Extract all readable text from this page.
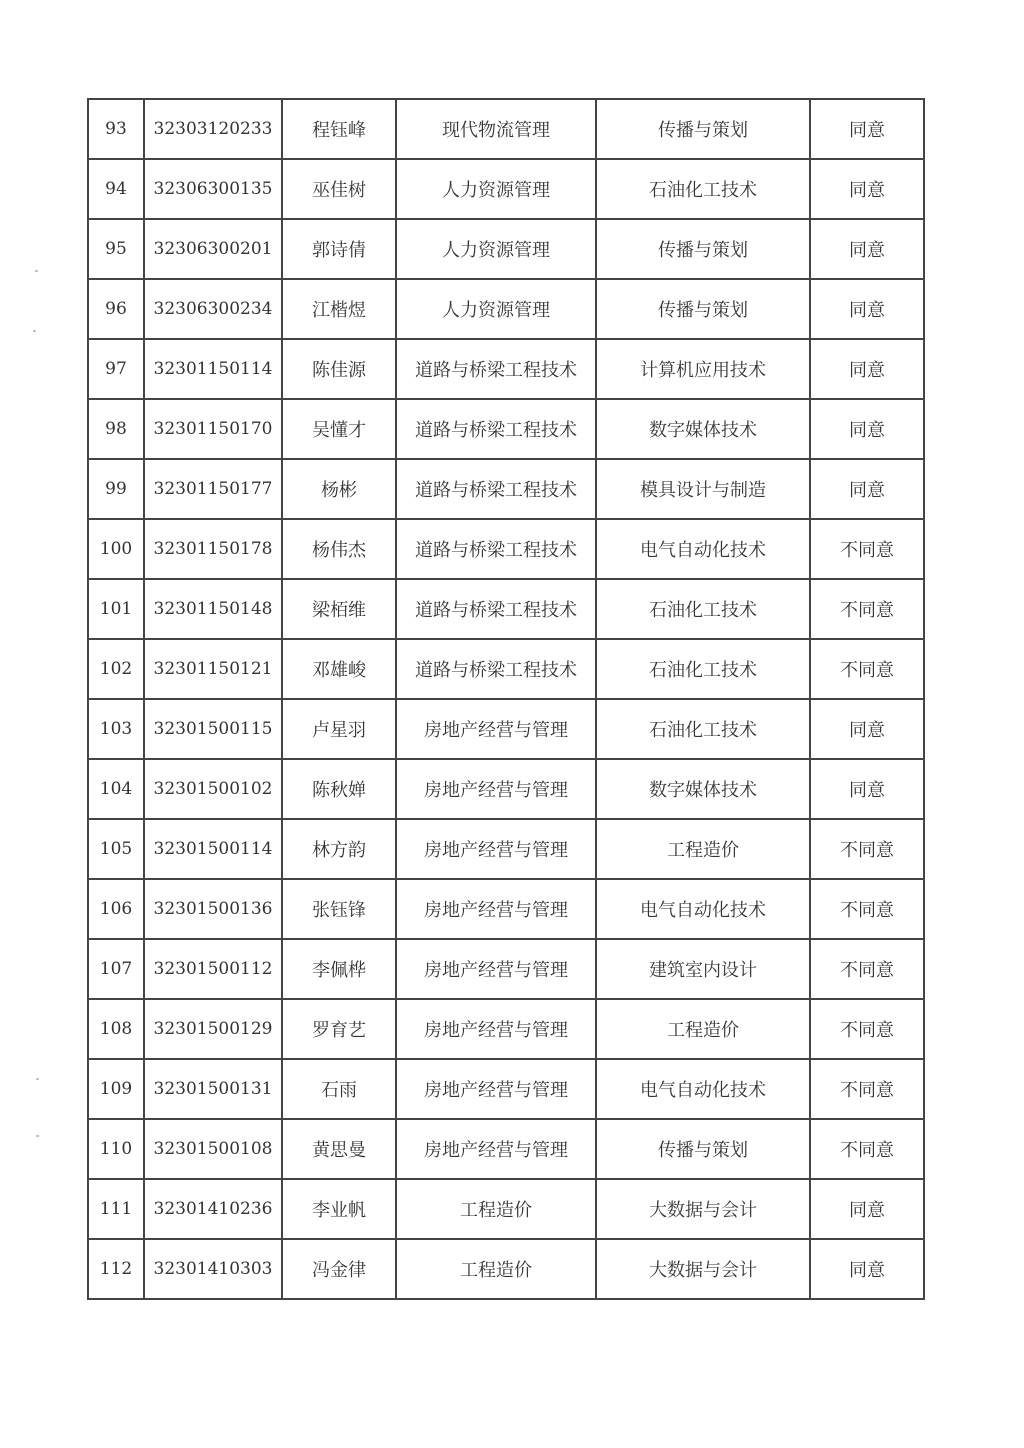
93	32303120233	程钰峰	现代物流管理	传播与策划	同意
94	32306300135	巫佳树	人力资源管理	石油化工技术	同意
95	32306300201	郭诗倩	人力资源管理	传播与策划	同意
96	32306300234	江楷煜	人力资源管理	传播与策划	同意
97	32301150114	陈佳源	道路与桥梁工程技术	计算机应用技术	同意
98	32301150170	吴懂才	道路与桥梁工程技术	数字媒体技术	同意
99	32301150177	杨彬	道路与桥梁工程技术	模具设计与制造	同意
100	32301150178	杨伟杰	道路与桥梁工程技术	电气自动化技术	不同意
101	32301150148	梁栢维	道路与桥梁工程技术	石油化工技术	不同意
102	32301150121	邓雄峻	道路与桥梁工程技术	石油化工技术	不同意
103	32301500115	卢星羽	房地产经营与管理	石油化工技术	同意
104	32301500102	陈秋婵	房地产经营与管理	数字媒体技术	同意
105	32301500114	林方韵	房地产经营与管理	工程造价	不同意
106	32301500136	张钰锋	房地产经营与管理	电气自动化技术	不同意
107	32301500112	李佩桦	房地产经营与管理	建筑室内设计	不同意
108	32301500129	罗育艺	房地产经营与管理	工程造价	不同意
109	32301500131	石雨	房地产经营与管理	电气自动化技术	不同意
110	32301500108	黄思曼	房地产经营与管理	传播与策划	不同意
111	32301410236	李业帆	工程造价	大数据与会计	同意
112	32301410303	冯金律	工程造价	大数据与会计	同意
